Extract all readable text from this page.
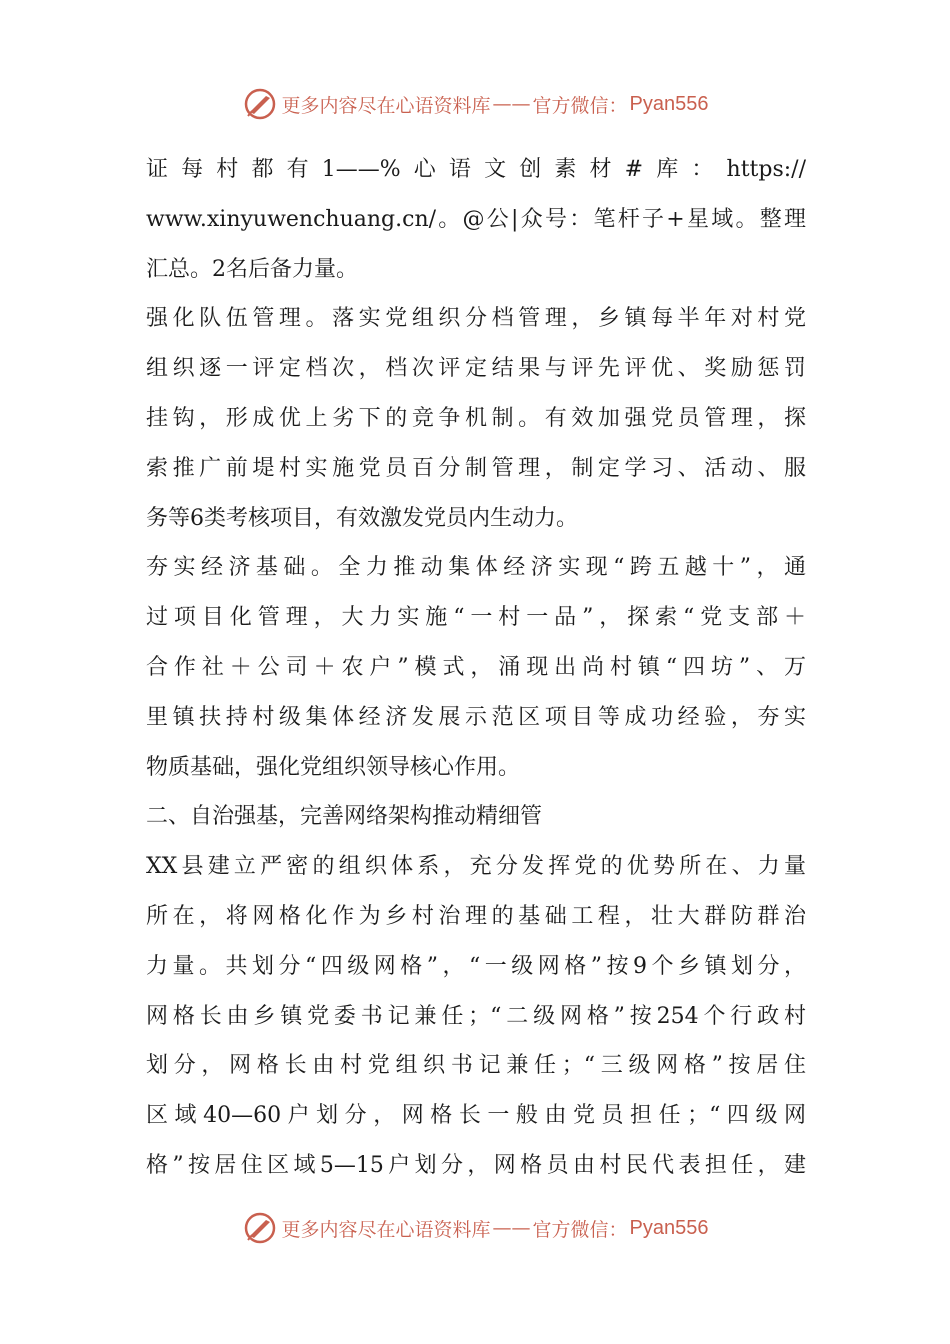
更多内容尽在心语资料库 —— 官方微信： Pyan556
证每村都有1——%心语文创素材#库：https://
www.xinyuwenchuang.cn/。@公|众号：笔杆子+星域。整理
汇总。2名后备力量。
强化队伍管理。落实党组织分档管理，乡镇每半年对村党
组织逐一评定档次，档次评定结果与评先评优、奖励惩罚
挂钩，形成优上劣下的竞争机制。有效加强党员管理，探
索推广前堤村实施党员百分制管理，制定学习、活动、服
务等6类考核项目，有效激发党员内生动力。
夯实经济基础。全力推动集体经济实现“跨五越十”，通
过项目化管理，大力实施“一村一品”，探索“党支部＋
合作社＋公司＋农户”模式，涌现出尚村镇“四坊”、万
里镇扶持村级集体经济发展示范区项目等成功经验，夯实
物质基础，强化党组织领导核心作用。
二、自治强基，完善网络架构推动精细管
XX县建立严密的组织体系，充分发挥党的优势所在、力量
所在，将网格化作为乡村治理的基础工程，壮大群防群治
力量。共划分“四级网格”，“一级网格”按9个乡镇划分，
网格长由乡镇党委书记兼任；“二级网格”按254个行政村
划分，网格长由村党组织书记兼任；“三级网格”按居住
区域40—60户划分，网格长一般由党员担任；“四级网
格”按居住区域5—15户划分，网格员由村民代表担任，建
更多内容尽在心语资料库 —— 官方微信： Pyan556
